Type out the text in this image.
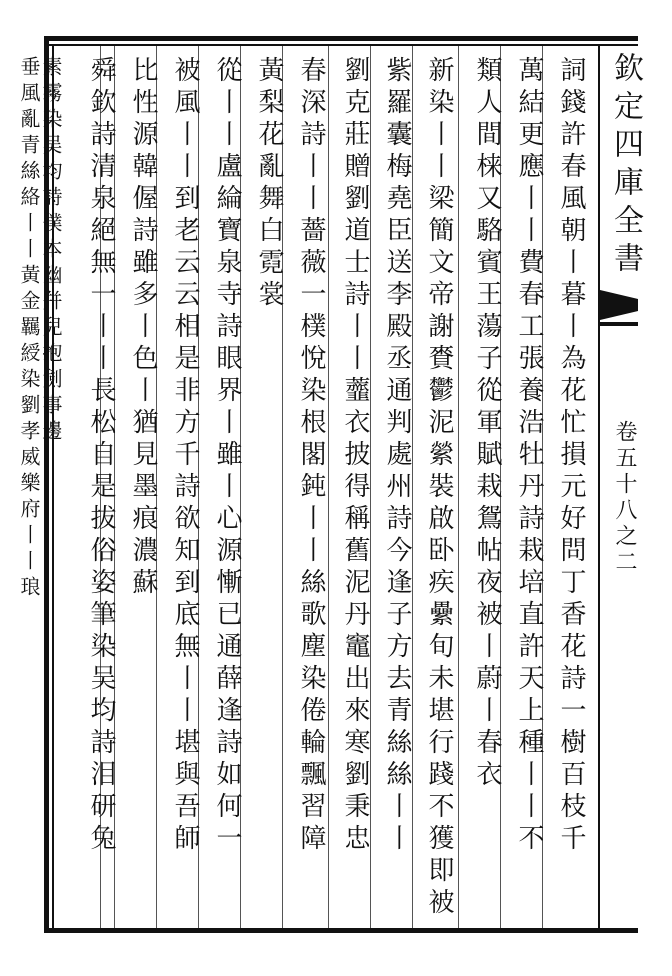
欽定四庫全書
卷五十八之二
詞錢許春風朝丨暮丨為花忙損元好問丁香花詩一樹百枝千
萬結更應丨丨費春工張養浩牡丹詩栽培直許天上種丨丨不
類人間梾又駱賓王蕩子從軍賦栽鴛帖夜被丨蔚丨春衣
新染丨丨梁簡文帝謝賚鬱泥縈裝啟卧疾纍旬未堪行踐不獲即被
紫羅囊梅堯臣送李殿丞通判處州詩今逢子方去青絲絲丨丨
劉克莊贈劉道士詩丨丨虀衣披得稱舊泥丹竈出來寒劉秉忠
春深詩丨丨薔薇一樸悅染根閣鈍丨丨絲歌塵染倦輪飄習障
黃梨花亂舞白霓裳
從丨丨盧綸寶泉寺詩眼界丨雖丨心源慚已通薛逢詩如何一
被風丨丨到老云云相是非方千詩欲知到底無丨丨堪與吾師
比性源韓偓詩雖多丨色丨猶見墨痕濃蘇
舜欽詩清泉絕無一丨丨長松自是拔俗姿筆染吴均詩泪研兔
素霧染吴均詩僕本幽幷兒抱劍事邊
垂風亂青絲絡丨丨黃金羈綬染劉孝威樂府丨丨琅
